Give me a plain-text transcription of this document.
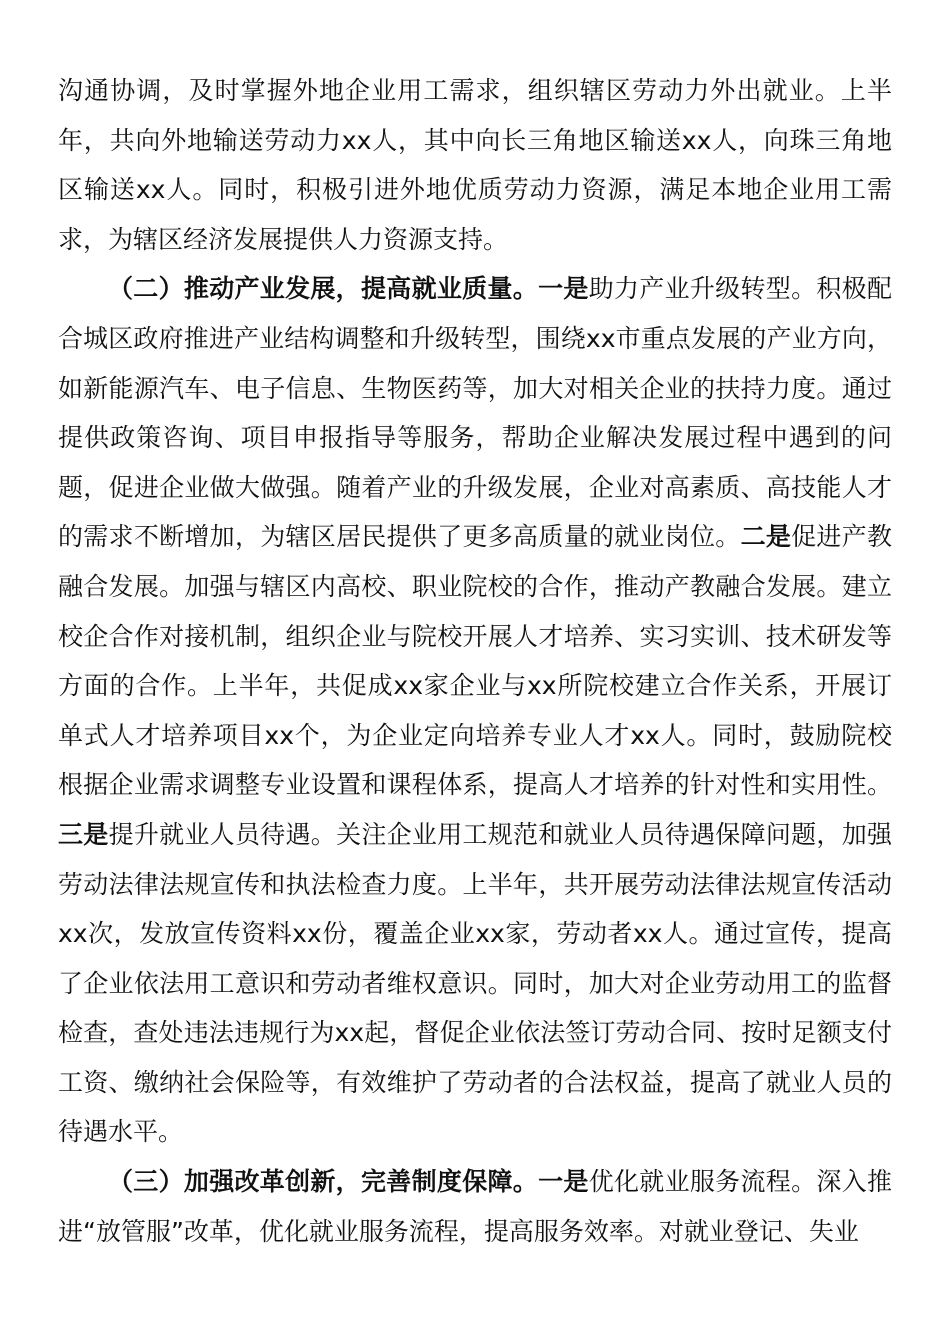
沟通协调，及时掌握外地企业用工需求，组织辖区劳动力外出就业。上半年，共向外地输送劳动力xx人，其中向长三角地区输送xx人，向珠三角地区输送xx人。同时，积极引进外地优质劳动力资源，满足本地企业用工需求，为辖区经济发展提供人力资源支持。

（二）推动产业发展，提高就业质量。一是助力产业升级转型。积极配合城区政府推进产业结构调整和升级转型，围绕xx市重点发展的产业方向，如新能源汽车、电子信息、生物医药等，加大对相关企业的扶持力度。通过提供政策咨询、项目申报指导等服务，帮助企业解决发展过程中遇到的问题，促进企业做大做强。随着产业的升级发展，企业对高素质、高技能人才的需求不断增加，为辖区居民提供了更多高质量的就业岗位。二是促进产教融合发展。加强与辖区内高校、职业院校的合作，推动产教融合发展。建立校企合作对接机制，组织企业与院校开展人才培养、实习实训、技术研发等方面的合作。上半年，共促成xx家企业与xx所院校建立合作关系，开展订单式人才培养项目xx个，为企业定向培养专业人才xx人。同时，鼓励院校根据企业需求调整专业设置和课程体系，提高人才培养的针对性和实用性。三是提升就业人员待遇。关注企业用工规范和就业人员待遇保障问题，加强劳动法律法规宣传和执法检查力度。上半年，共开展劳动法律法规宣传活动xx次，发放宣传资料xx份，覆盖企业xx家，劳动者xx人。通过宣传，提高了企业依法用工意识和劳动者维权意识。同时，加大对企业劳动用工的监督检查，查处违法违规行为xx起，督促企业依法签订劳动合同、按时足额支付工资、缴纳社会保险等，有效维护了劳动者的合法权益，提高了就业人员的待遇水平。

（三）加强改革创新，完善制度保障。一是优化就业服务流程。深入推进“放管服”改革，优化就业服务流程，提高服务效率。对就业登记、失业
